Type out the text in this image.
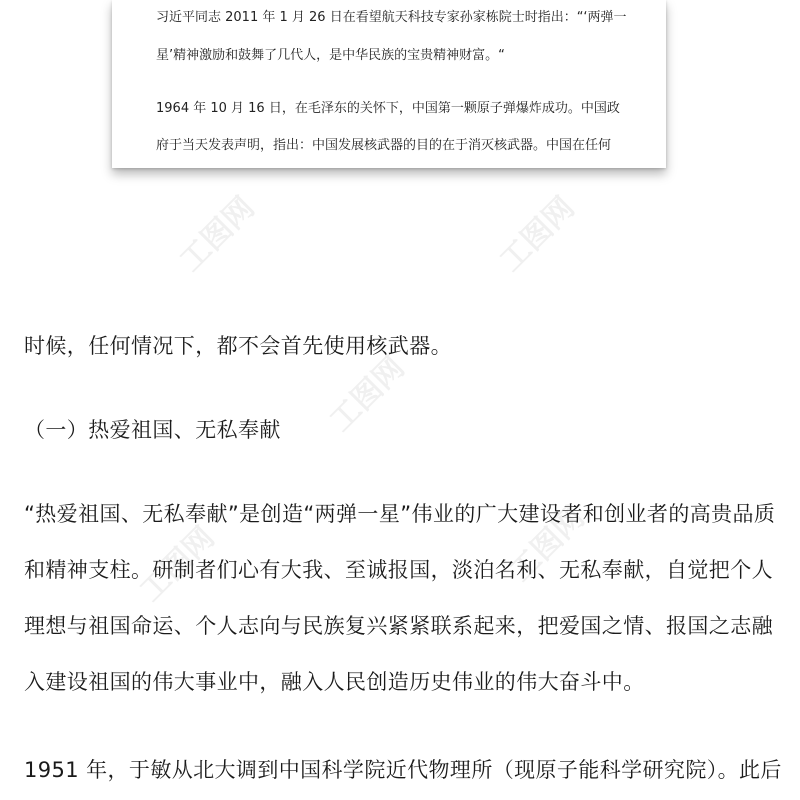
工图网	工图网
工图网
工图网	工图网
习近平同志 2011 年 1 月 26 日在看望航天科技专家孙家栋院士时指出：“‘两弹一
星’精神激励和鼓舞了几代人，是中华民族的宝贵精神财富。“
1964 年 10 月 16 日，在毛泽东的关怀下，中国第一颗原子弹爆炸成功。中国政
府于当天发表声明，指出：中国发展核武器的目的在于消灭核武器。中国在任何
时候，任何情况下，都不会首先使用核武器。
（一）热爱祖国、无私奉献
“热爱祖国、无私奉献”是创造“两弹一星”伟业的广大建设者和创业者的高贵品质
和精神支柱。研制者们心有大我、至诚报国，淡泊名利、无私奉献，自觉把个人
理想与祖国命运、个人志向与民族复兴紧紧联系起来，把爱国之情、报国之志融
入建设祖国的伟大事业中，融入人民创造历史伟业的伟大奋斗中。
1951 年，于敏从北大调到中国科学院近代物理所（现原子能科学研究院）。此后
